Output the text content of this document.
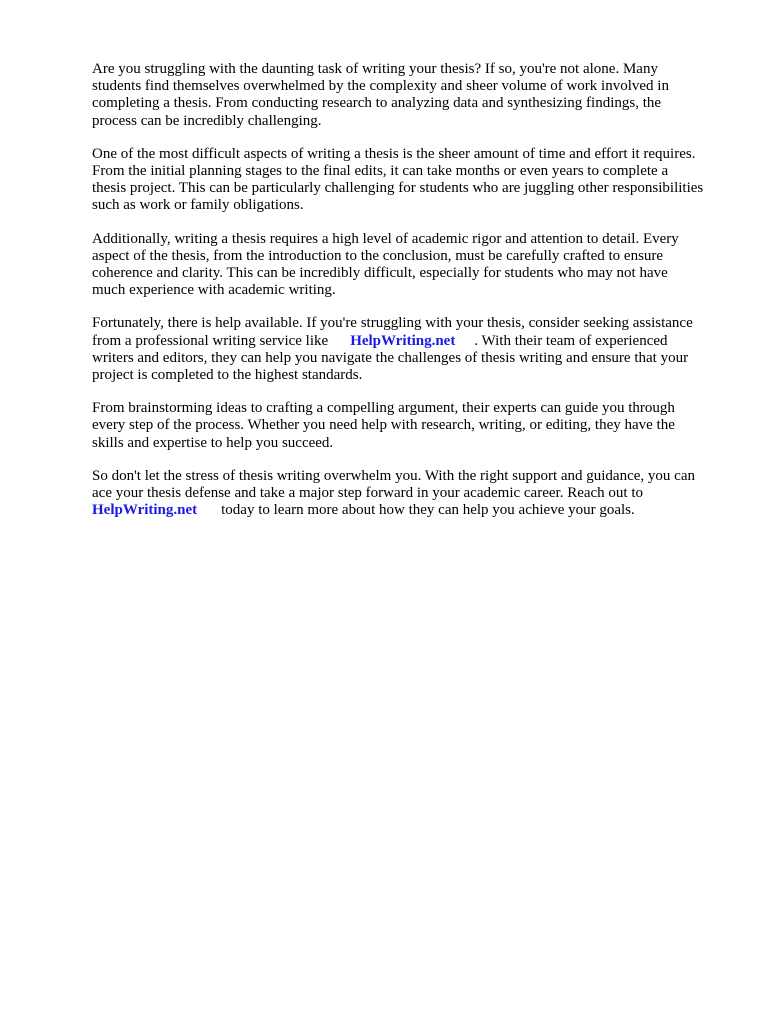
Are you struggling with the daunting task of writing your thesis? If so, you're not alone. Many
students find themselves overwhelmed by the complexity and sheer volume of work involved in
completing a thesis. From conducting research to analyzing data and synthesizing findings, the
process can be incredibly challenging.

One of the most difficult aspects of writing a thesis is the sheer amount of time and effort it requires.
From the initial planning stages to the final edits, it can take months or even years to complete a
thesis project. This can be particularly challenging for students who are juggling other responsibilities
such as work or family obligations.

Additionally, writing a thesis requires a high level of academic rigor and attention to detail. Every
aspect of the thesis, from the introduction to the conclusion, must be carefully crafted to ensure
coherence and clarity. This can be incredibly difficult, especially for students who may not have
much experience with academic writing.

Fortunately, there is help available. If you're struggling with your thesis, consider seeking assistance
from a professional writing service like HelpWriting.net . With their team of experienced
writers and editors, they can help you navigate the challenges of thesis writing and ensure that your
project is completed to the highest standards.

From brainstorming ideas to crafting a compelling argument, their experts can guide you through
every step of the process. Whether you need help with research, writing, or editing, they have the
skills and expertise to help you succeed.

So don't let the stress of thesis writing overwhelm you. With the right support and guidance, you can
ace your thesis defense and take a major step forward in your academic career. Reach out to
HelpWriting.net today to learn more about how they can help you achieve your goals.
